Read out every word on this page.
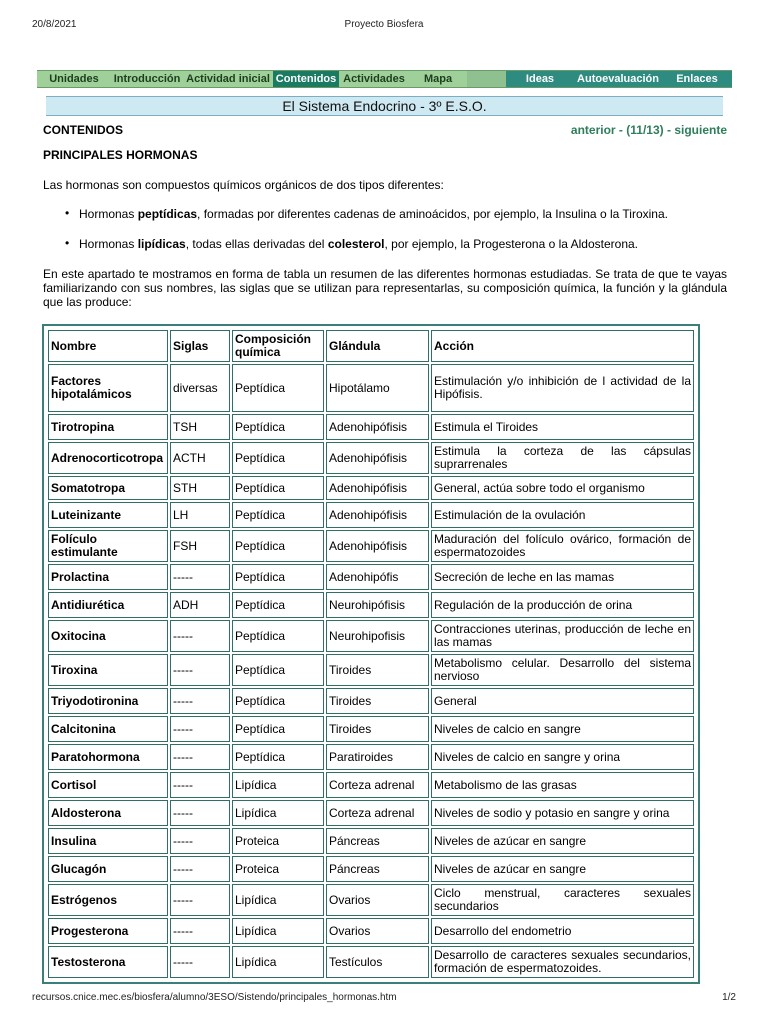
20/8/2021	Proyecto Biosfera
Unidades	Introducción Actividad inicial Contenidos Actividades	Mapa	Ideas	Autoevaluación	Enlaces
El Sistema Endocrino - 3º E.S.O.
CONTENIDOS	anterior - (11/13) - siguiente
PRINCIPALES HORMONAS
Las hormonas son compuestos químicos orgánicos de dos tipos diferentes:
• Hormonas peptídicas, formadas por diferentes cadenas de aminoácidos, por ejemplo, la Insulina o la Tiroxina.
• Hormonas lipídicas, todas ellas derivadas del colesterol, por ejemplo, la Progesterona o la Aldosterona.
En este apartado te mostramos en forma de tabla un resumen de las diferentes hormonas estudiadas. Se trata de que te vayas familiarizando con sus nombres, las siglas que se utilizan para representarlas, su composición química, la función y la glándula que las produce:
Nombre	Siglas	Composición química	Glándula	Acción
Factores hipotalámicos	diversas	Peptídica	Hipotálamo	Estimulación y/o inhibición de l actividad de la Hipófisis.
Tirotropina	TSH	Peptídica	Adenohipófisis	Estimula el Tiroides
Adrenocorticotropa	ACTH	Peptídica	Adenohipófisis	Estimula la corteza de las cápsulas suprarrenales
Somatotropa	STH	Peptídica	Adenohipófisis	General, actúa sobre todo el organismo
Luteinizante	LH	Peptídica	Adenohipófisis	Estimulación de la ovulación
Folículo estimulante	FSH	Peptídica	Adenohipófisis	Maduración del folículo ovárico, formación de espermatozoides
Prolactina	-----	Peptídica	Adenohipófis	Secreción de leche en las mamas
Antidiurética	ADH	Peptídica	Neurohipófisis	Regulación de la producción de orina
Oxitocina	-----	Peptídica	Neurohipofisis	Contracciones uterinas, producción de leche en las mamas
Tiroxina	-----	Peptídica	Tiroides	Metabolismo celular. Desarrollo del sistema nervioso
Triyodotironina	-----	Peptídica	Tiroides	General
Calcitonina	-----	Peptídica	Tiroides	Niveles de calcio en sangre
Paratohormona	-----	Peptídica	Paratiroides	Niveles de calcio en sangre y orina
Cortisol	-----	Lipídica	Corteza adrenal	Metabolismo de las grasas
Aldosterona	-----	Lipídica	Corteza adrenal	Niveles de sodio y potasio en sangre y orina
Insulina	-----	Proteica	Páncreas	Niveles de azúcar en sangre
Glucagón	-----	Proteica	Páncreas	Niveles de azúcar en sangre
Estrógenos	-----	Lipídica	Ovarios	Ciclo menstrual, caracteres sexuales secundarios
Progesterona	-----	Lipídica	Ovarios	Desarrollo del endometrio
Testosterona	-----	Lipídica	Testículos	Desarrollo de caracteres sexuales secundarios, formación de espermatozoides.
recursos.cnice.mec.es/biosfera/alumno/3ESO/Sistendo/principales_hormonas.htm	1/2
